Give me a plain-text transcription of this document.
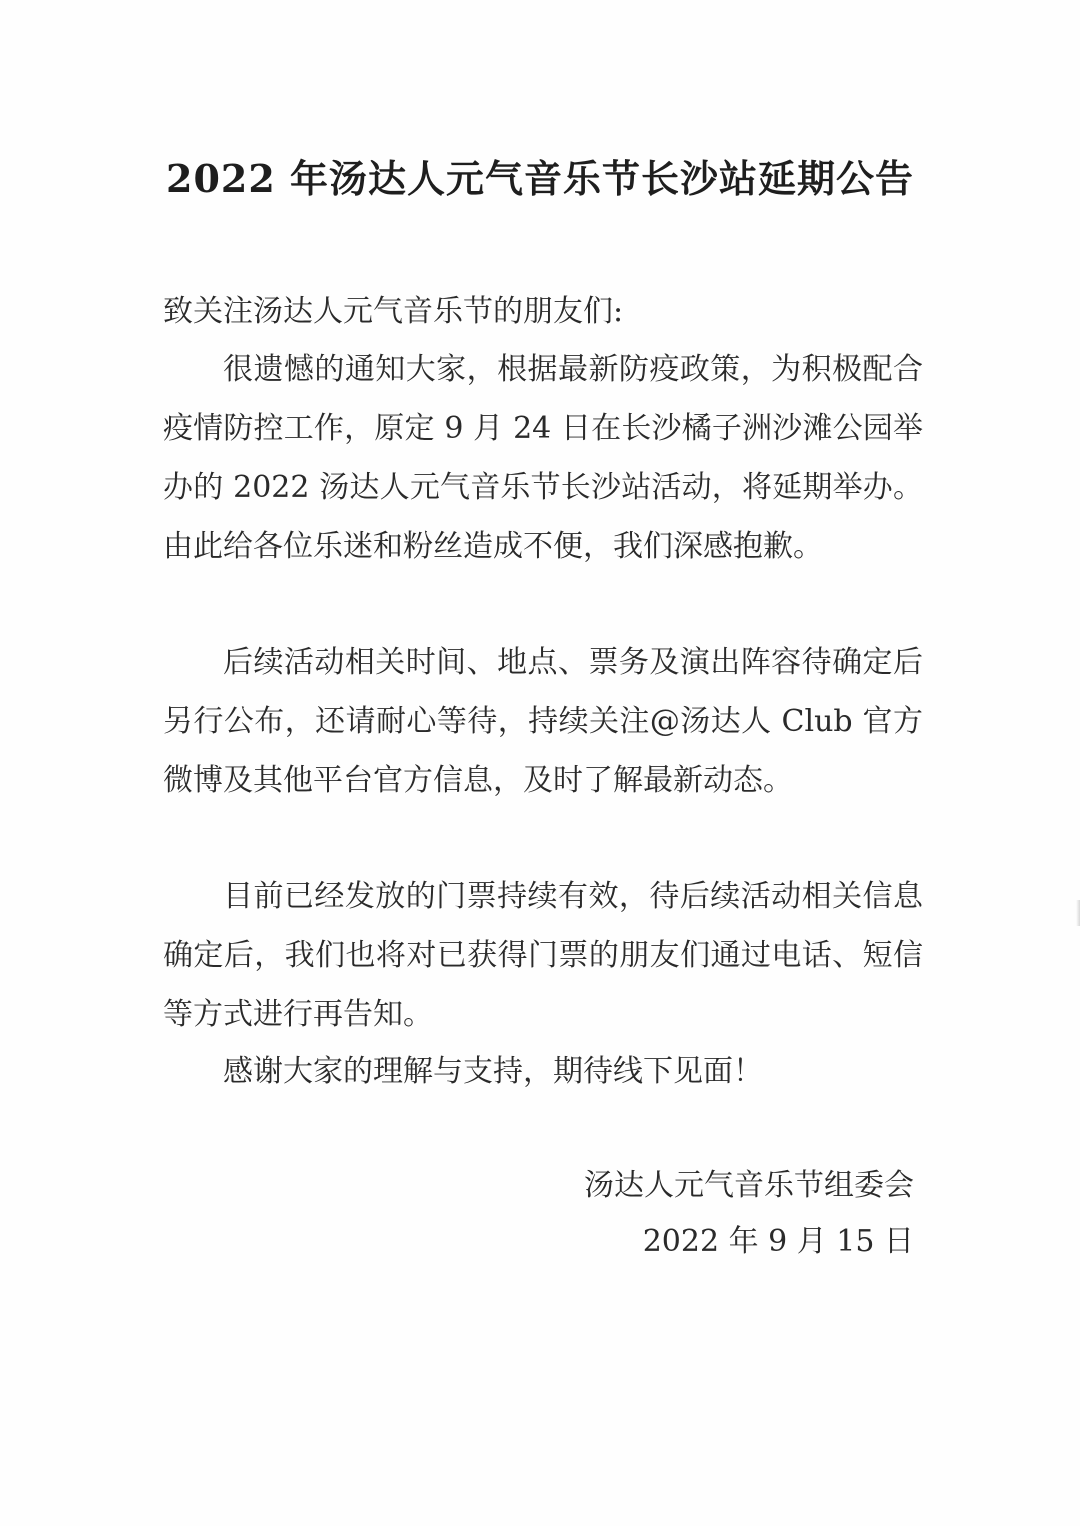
2022 年汤达人元气音乐节长沙站延期公告
致关注汤达人元气音乐节的朋友们:

很遗憾的通知大家，根据最新防疫政策，为积极配合疫情防控工作，原定 9 月 24 日在长沙橘子洲沙滩公园举办的 2022 汤达人元气音乐节长沙站活动，将延期举办。由此给各位乐迷和粉丝造成不便，我们深感抱歉。

后续活动相关时间、地点、票务及演出阵容待确定后另行公布，还请耐心等待，持续关注@汤达人 Club 官方微博及其他平台官方信息，及时了解最新动态。

目前已经发放的门票持续有效，待后续活动相关信息确定后，我们也将对已获得门票的朋友们通过电话、短信等方式进行再告知。

感谢大家的理解与支持，期待线下见面！

汤达人元气音乐节组委会
2022 年 9 月 15 日
